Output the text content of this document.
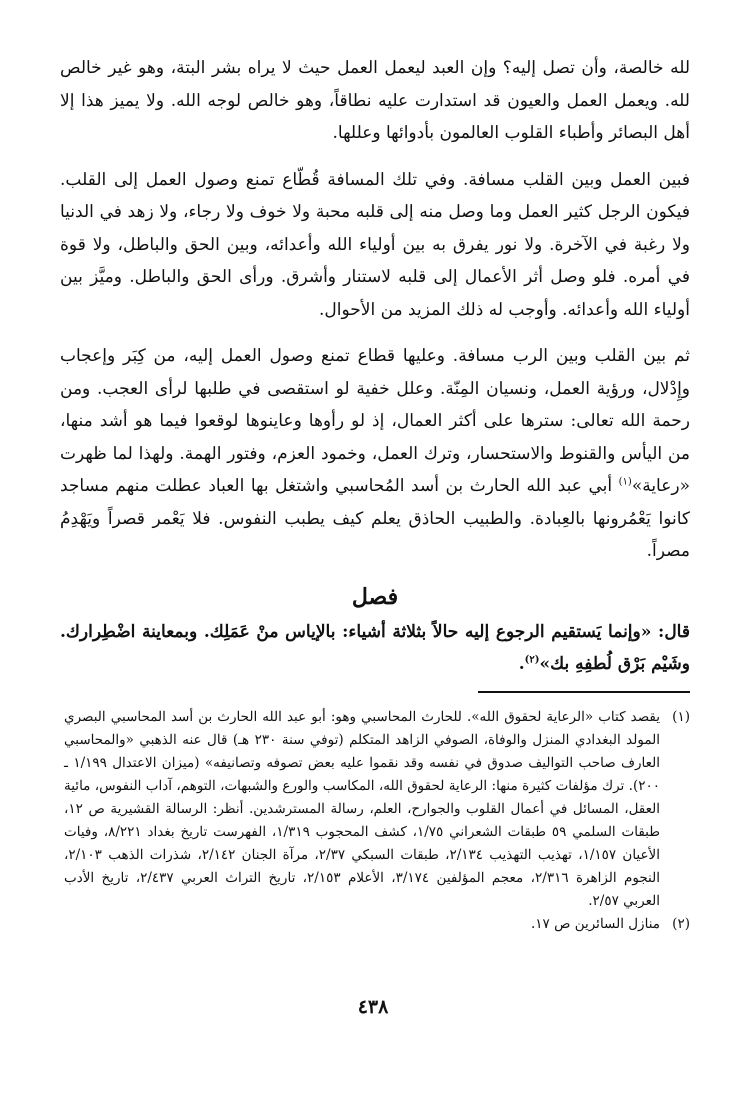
لله خالصة، وأن تصل إليه؟ وإن العبد ليعمل العمل حيث لا يراه بشر البتة، وهو غير خالص لله. ويعمل العمل والعيون قد استدارت عليه نطاقاً، وهو خالص لوجه الله. ولا يميز هذا إلا أهل البصائر وأطباء القلوب العالمون بأدوائها وعللها.

فبين العمل وبين القلب مسافة. وفي تلك المسافة قُطّاع تمنع وصول العمل إلى القلب. فيكون الرجل كثير العمل وما وصل منه إلى قلبه محبة ولا خوف ولا رجاء، ولا زهد في الدنيا ولا رغبة في الآخرة. ولا نور يفرق به بين أولياء الله وأعدائه، وبين الحق والباطل، ولا قوة في أمره. فلو وصل أثر الأعمال إلى قلبه لاستنار وأشرق. ورأى الحق والباطل. وميَّز بين أولياء الله وأعدائه. وأوجب له ذلك المزيد من الأحوال.

ثم بين القلب وبين الرب مسافة. وعليها قطاع تمنع وصول العمل إليه، من كِبَر وإعجاب وإِدْلال، ورؤية العمل، ونسيان المِنّة. وعلل خفية لو استقصى في طلبها لرأى العجب. ومن رحمة الله تعالى: سترها على أكثر العمال، إذ لو رأوها وعاينوها لوقعوا فيما هو أشد منها، من اليأس والقنوط والاستحسار، وترك العمل، وخمود العزم، وفتور الهمة. ولهذا لما ظهرت «رعاية»$^{(١)}$ أبي عبد الله الحارث بن أسد المُحاسبي واشتغل بها العباد عطلت منهم مساجد كانوا يَعْمُرونها بالعِبادة. والطبيب الحاذق يعلم كيف يطبب النفوس. فلا يَعْمر قصراً ويَهْدِمُ مصراً.

فصل

قال: «وإنما يَستقيم الرجوع إليه حالاً بثلاثة أشياء: بالإياس منْ عَمَلِك. وبمعاينة اضْطِرارك. وشَيْم بَرْق لُطفِهِ بك»$^{(٢)}$.

(١)
يقصد كتاب «الرعاية لحقوق الله». للحارث المحاسبي وهو: أبو عبد الله الحارث بن أسد المحاسبي البصري المولد البغدادي المنزل والوفاة، الصوفي الزاهد المتكلم (توفي سنة ٢٣٠ هـ) قال عنه الذهبي «والمحاسبي العارف صاحب التواليف صدوق في نفسه وقد نقموا عليه بعض تصوفه وتصانيفه» (ميزان الاعتدال ١/١٩٩ ـ ٢٠٠). ترك مؤلفات كثيرة منها: الرعاية لحقوق الله، المكاسب والورع والشبهات، التوهم، آداب النفوس، مائية العقل، المسائل في أعمال القلوب والجوارح، العلم، رسالة المسترشدين. أنظر: الرسالة القشيرية ص ١٢، طبقات السلمي ٥٩ طبقات الشعراني ١/٧٥، كشف المحجوب ١/٣١٩، الفهرست تاريخ بغداد ٨/٢٢١، وفيات الأعيان ١/١٥٧، تهذيب التهذيب ٢/١٣٤، طبقات السبكي ٢/٣٧، مرآة الجنان ٢/١٤٢، شذرات الذهب ٢/١٠٣، النجوم الزاهرة ٢/٣١٦، معجم المؤلفين ٣/١٧٤، الأعلام ٢/١٥٣، تاريخ التراث العربي ٢/٤٣٧، تاريخ الأدب العربي ٢/٥٧.
(٢)
منازل السائرين ص ١٧.
٤٣٨
